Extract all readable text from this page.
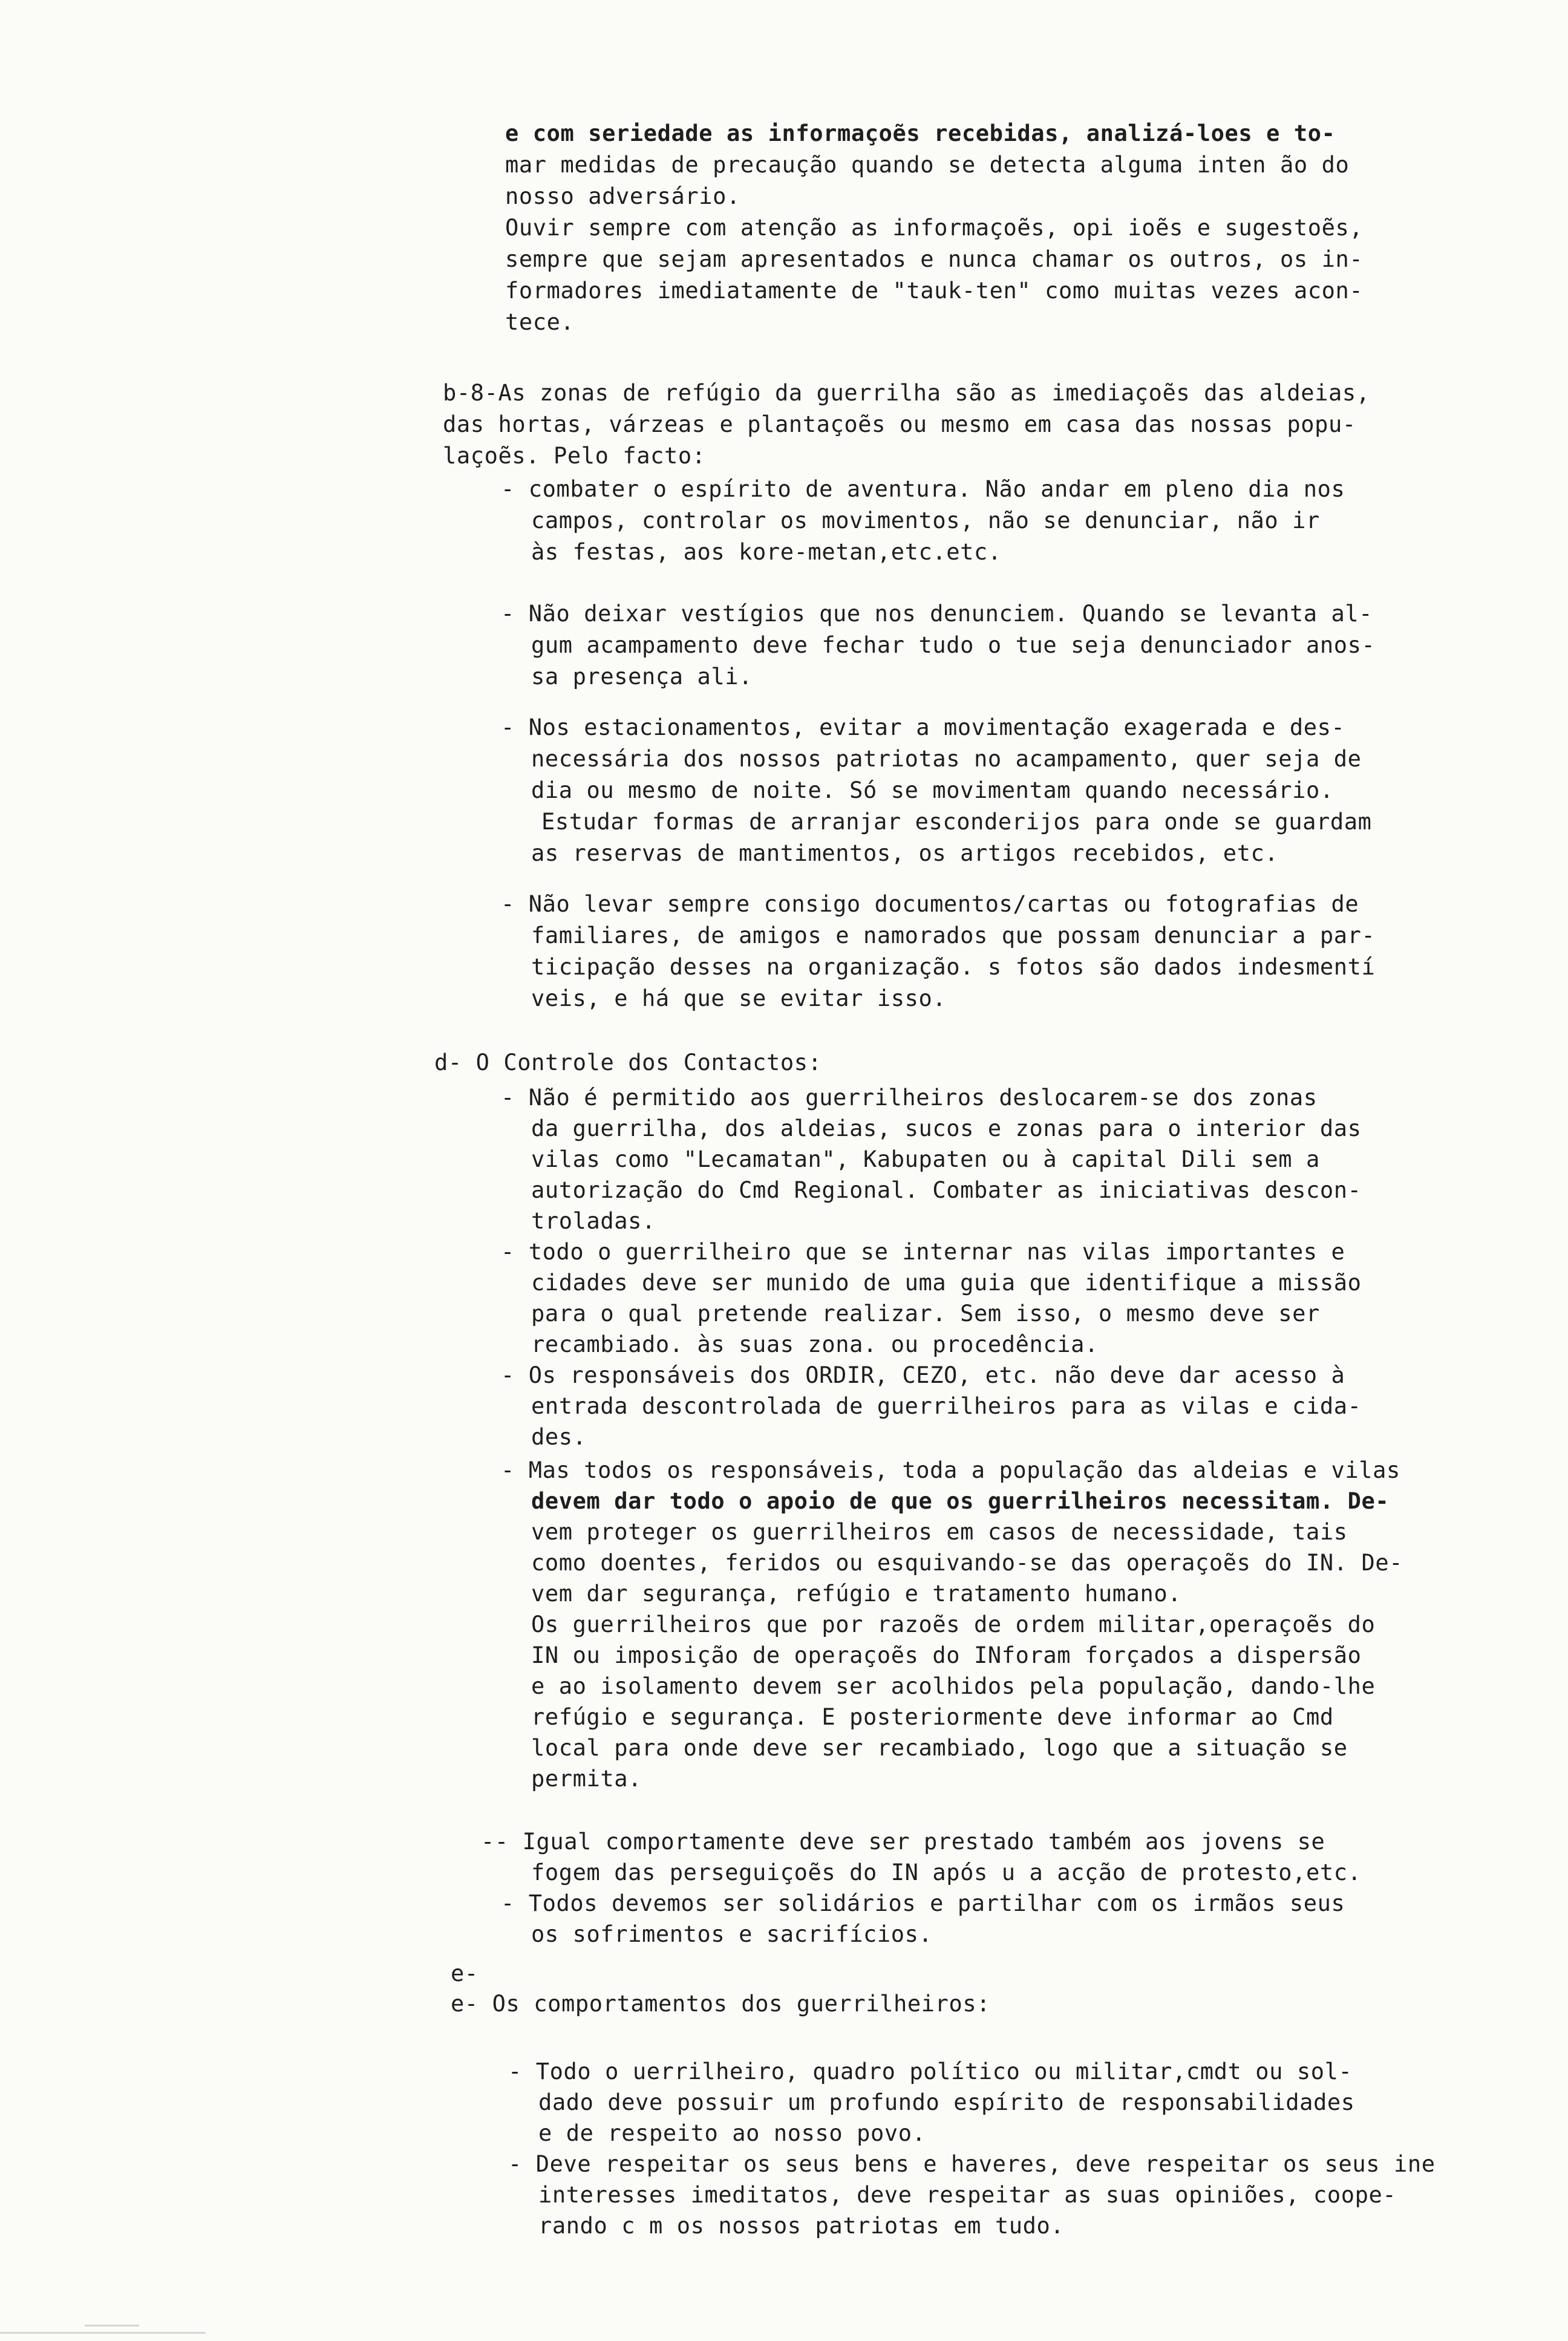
e com seriedade as informaçoẽs recebidas, analizá-loes e to-
mar medidas de precaução quando se detecta alguma inten ão do
nosso adversário.
Ouvir sempre com atenção as informaçoẽs, opi ioẽs e sugestoẽs,
sempre que sejam apresentados e nunca chamar os outros, os in-
formadores imediatamente de "tauk-ten" como muitas vezes acon-
tece.
b-8-As zonas de refúgio da guerrilha são as imediaçoẽs das aldeias,
das hortas, várzeas e plantaçoẽs ou mesmo em casa das nossas popu-
laçoẽs. Pelo facto:
- combater o espírito de aventura. Não andar em pleno dia nos
campos, controlar os movimentos, não se denunciar, não ir
às festas, aos kore-metan,etc.etc.
- Não deixar vestígios que nos denunciem. Quando se levanta al-
gum acampamento deve fechar tudo o tue seja denunciador anos-
sa presença ali.
- Nos estacionamentos, evitar a movimentação exagerada e des-
necessária dos nossos patriotas no acampamento, quer seja de
dia ou mesmo de noite. Só se movimentam quando necessário.
Estudar formas de arranjar esconderijos para onde se guardam
as reservas de mantimentos, os artigos recebidos, etc.
- Não levar sempre consigo documentos/cartas ou fotografias de
familiares, de amigos e namorados que possam denunciar a par-
ticipação desses na organização. s fotos são dados indesmentí
veis, e há que se evitar isso.
d- O Controle dos Contactos:
- Não é permitido aos guerrilheiros deslocarem-se dos zonas
da guerrilha, dos aldeias, sucos e zonas para o interior das
vilas como "Lecamatan", Kabupaten ou à capital Dili sem a
autorização do Cmd Regional. Combater as iniciativas descon-
troladas.
- todo o guerrilheiro que se internar nas vilas importantes e
cidades deve ser munido de uma guia que identifique a missão
para o qual pretende realizar. Sem isso, o mesmo deve ser
recambiado. às suas zona. ou procedência.
- Os responsáveis dos ORDIR, CEZO, etc. não deve dar acesso à
entrada descontrolada de guerrilheiros para as vilas e cida-
des.
- Mas todos os responsáveis, toda a população das aldeias e vilas
devem dar todo o apoio de que os guerrilheiros necessitam. De-
vem proteger os guerrilheiros em casos de necessidade, tais
como doentes, feridos ou esquivando-se das operaçoẽs do IN. De-
vem dar segurança, refúgio e tratamento humano.
Os guerrilheiros que por razoẽs de ordem militar,operaçoẽs do
IN ou imposição de operaçoẽs do INforam forçados a dispersão
e ao isolamento devem ser acolhidos pela população, dando-lhe
refúgio e segurança. E posteriormente deve informar ao Cmd
local para onde deve ser recambiado, logo que a situação se
permita.
-- Igual comportamente deve ser prestado também aos jovens se
fogem das perseguiçoẽs do IN após u a acção de protesto,etc.
- Todos devemos ser solidários e partilhar com os irmãos seus
os sofrimentos e sacrifícios.
e-
e- Os comportamentos dos guerrilheiros:
- Todo o uerrilheiro, quadro político ou militar,cmdt ou sol-
dado deve possuir um profundo espírito de responsabilidades
e de respeito ao nosso povo.
- Deve respeitar os seus bens e haveres, deve respeitar os seus ine
interesses imeditatos, deve respeitar as suas opiniões, coope-
rando c m os nossos patriotas em tudo.
